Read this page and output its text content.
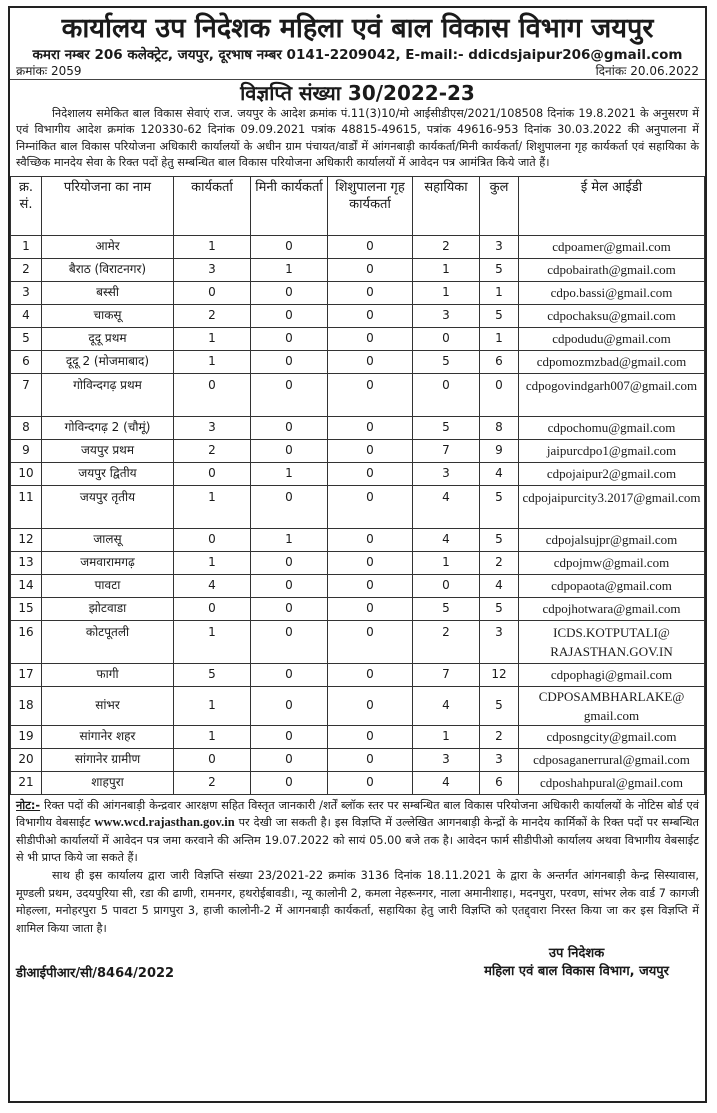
कार्यालय उप निदेशक महिला एवं बाल विकास विभाग जयपुर
कमरा नम्बर 206 कलेक्ट्रेट, जयपुर, दूरभाष नम्बर 0141-2209042, E-mail:- ddicdsjaipur206@gmail.com
क्रमांकः 2059	दिनांकः 20.06.2022
विज्ञप्ति संख्या 30/2022-23
निदेशालय समेकित बाल विकास सेवाएं राज. जयपुर के आदेश क्रमांक पं.11(3)10/मो आईसीडीएस/2021/108508 दिनांक 19.8.2021 के अनुसरण में एवं विभागीय आदेश क्रमांक 120330-62 दिनांक 09.09.2021 पत्रांक 48815-49615, पत्रांक 49616-953 दिनांक 30.03.2022 की अनुपालना में निम्नांकित बाल विकास परियोजना अधिकारी कार्यालयों के अधीन ग्राम पंचायत/वार्डों में आंगनबाड़ी कार्यकर्ता/मिनी कार्यकर्ता/ शिशुपालना गृह कार्यकर्ता एवं सहायिका के स्वैच्छिक मानदेय सेवा के रिक्त पदों हेतु सम्बन्धित बाल विकास परियोजना अधिकारी कार्यालयों में आवेदन पत्र आमंत्रित किये जाते हैं।
क्र. सं.	परियोजना का नाम	कार्यकर्ता	मिनी कार्यकर्ता	शिशुपालना गृह कार्यकर्ता	सहायिका	कुल	ई मेल आईडी
1	आमेर	1	0	0	2	3	cdpoamer@gmail.com
2	बैराठ (विराटनगर)	3	1	0	1	5	cdpobairath@gmail.com
3	बस्सी	0	0	0	1	1	cdpo.bassi@gmail.com
4	चाकसू	2	0	0	3	5	cdpochaksu@gmail.com
5	दूदू प्रथम	1	0	0	0	1	cdpodudu@gmail.com
6	दूदू 2 (मोजमाबाद)	1	0	0	5	6	cdpomozmzbad@gmail.com
7	गोविन्दगढ़ प्रथम	0	0	0	0	0	cdpogovindgarh007@gmail.com
8	गोविन्दगढ़ 2 (चौमूं)	3	0	0	5	8	cdpochomu@gmail.com
9	जयपुर प्रथम	2	0	0	7	9	jaipurcdpo1@gmail.com
10	जयपुर द्वितीय	0	1	0	3	4	cdpojaipur2@gmail.com
11	जयपुर तृतीय	1	0	0	4	5	cdpojaipurcity3.2017@gmail.com
12	जालसू	0	1	0	4	5	cdpojalsujpr@gmail.com
13	जमवारामगढ़	1	0	0	1	2	cdpojmw@gmail.com
14	पावटा	4	0	0	0	4	cdpopaota@gmail.com
15	झोटवाडा	0	0	0	5	5	cdpojhotwara@gmail.com
16	कोटपूतली	1	0	0	2	3	ICDS.KOTPUTALI@ RAJASTHAN.GOV.IN
17	फागी	5	0	0	7	12	cdpophagi@gmail.com
18	सांभर	1	0	0	4	5	CDPOSAMBHARLAKE@ gmail.com
19	सांगानेर शहर	1	0	0	1	2	cdposngcity@gmail.com
20	सांगानेर ग्रामीण	0	0	0	3	3	cdposaganerrural@gmail.com
21	शाहपुरा	2	0	0	4	6	cdposhahpural@gmail.com
नोट:- रिक्त पदों की आंगनबाड़ी केन्द्रवार आरक्षण सहित विस्तृत जानकारी /शर्तें ब्लॉक स्तर पर सम्बन्धित बाल विकास परियोजना अधिकारी कार्यालयों के नोटिस बोर्ड एवं विभागीय वेबसाईट www.wcd.rajasthan.gov.in पर देखी जा सकती है। इस विज्ञप्ति में उल्लेखित आगनबाड़ी केन्द्रों के मानदेय कार्मिकों के रिक्त पदों पर सम्बन्धित सीडीपीओ कार्यालयों में आवेदन पत्र जमा करवाने की अन्तिम 19.07.2022 को सायं 05.00 बजे तक है। आवेदन फार्म सीडीपीओ कार्यालय अथवा विभागीय वेबसाईट से भी प्राप्त किये जा सकते हैं।
साथ ही इस कार्यालय द्वारा जारी विज्ञप्ति संख्या 23/2021-22 क्रमांक 3136 दिनांक 18.11.2021 के द्वारा के अन्तर्गत आंगनबाड़ी केन्द्र सिस्यावास, मूण्डली प्रथम, उदयपुरिया सी, रडा की ढाणी, रामनगर, हथरोईबावडी।, न्यू कालोनी 2, कमला नेहरूनगर, नाला अमानीशाह।, मदनपुरा, परवण, सांभर लेक वार्ड 7 कागजी मोहल्ला, मनोहरपुरा 5 पावटा 5 प्रागपुरा 3, हाजी कालोनी-2 में आगनबाड़ी कार्यकर्ता, सहायिका हेतु जारी विज्ञप्ति को एतद्द्वारा निरस्त किया जा कर इस विज्ञप्ति में शामिल किया जाता है।
डीआईपीआर/सी/8464/2022
उप निदेशक
महिला एवं बाल विकास विभाग, जयपुर
